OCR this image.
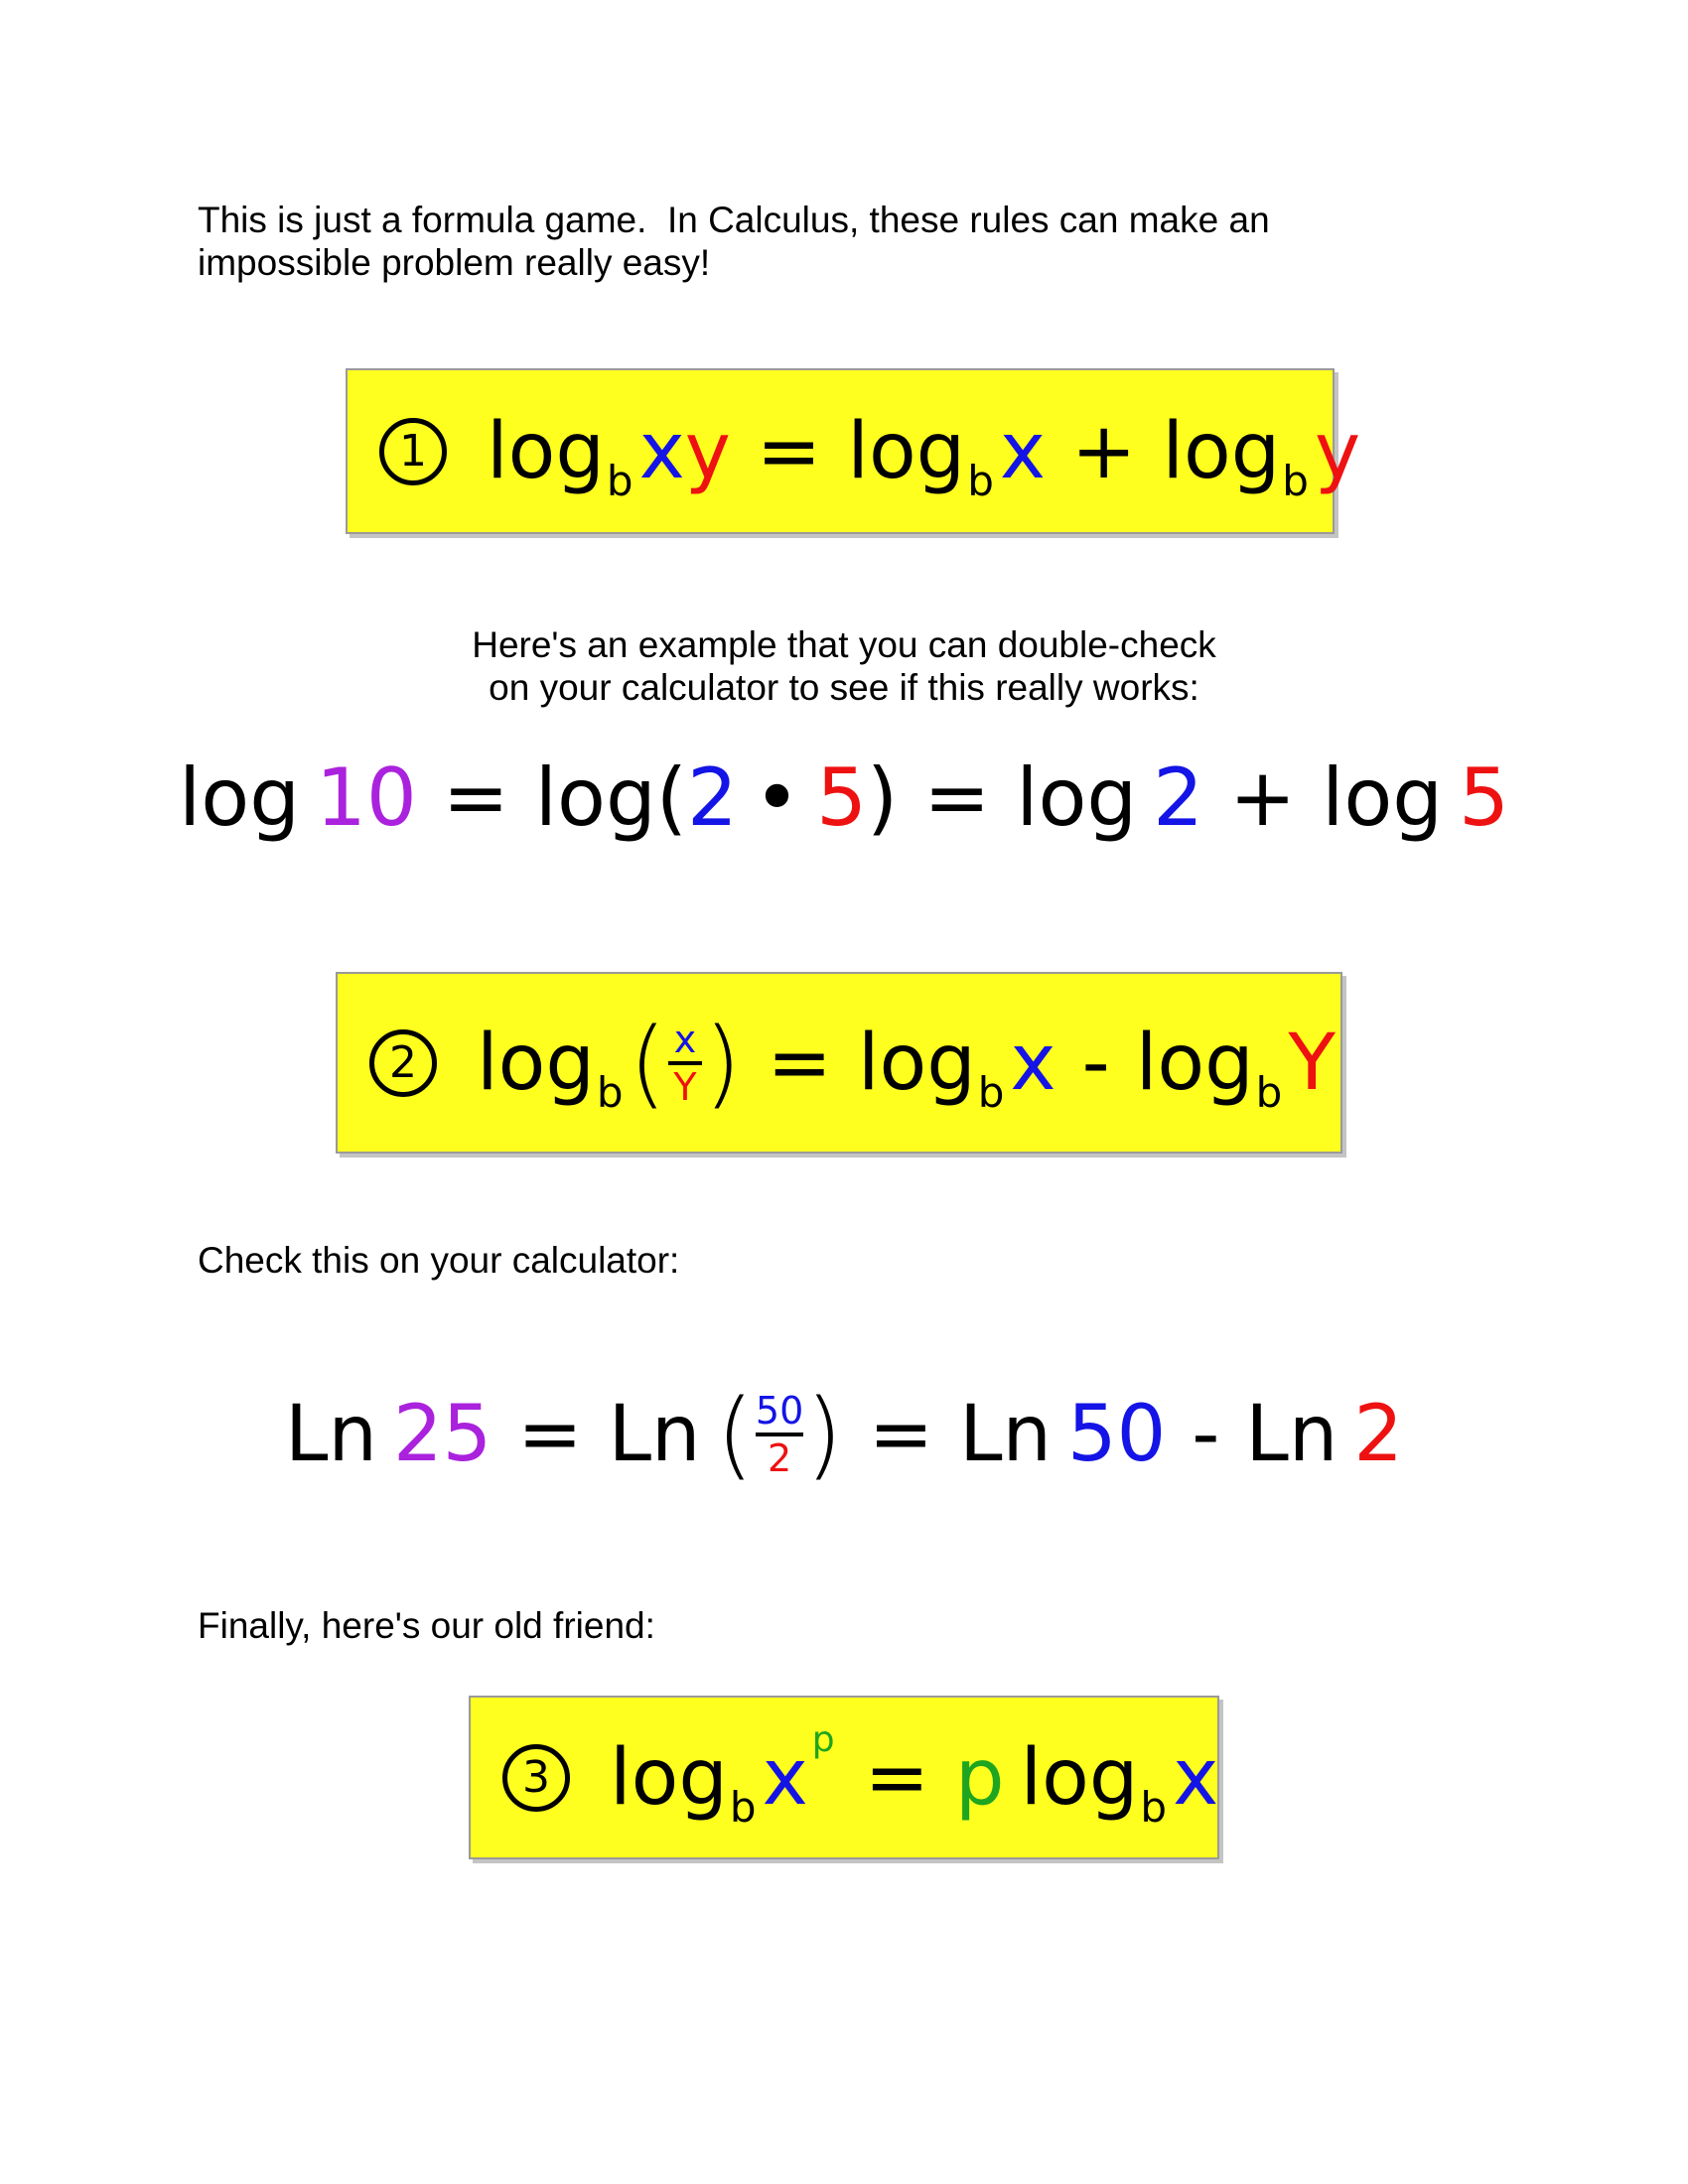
This is just a formula game.  In Calculus, these rules can make an
impossible problem really easy!
1 log b x y = log b x + log b y
Here's an example that you can double-check
on your calculator to see if this really works:
log 10 = log ( 2 • 5 ) = log 2 + log 5
2 log b ( $\frac{x}{Y}$ ) = log b x - log b Y
Check this on your calculator:
Ln 25 = Ln ( $\frac{50}{2}$ ) = Ln 50 - Ln 2
Finally, here's our old friend:
3 log b x p = p log b x
